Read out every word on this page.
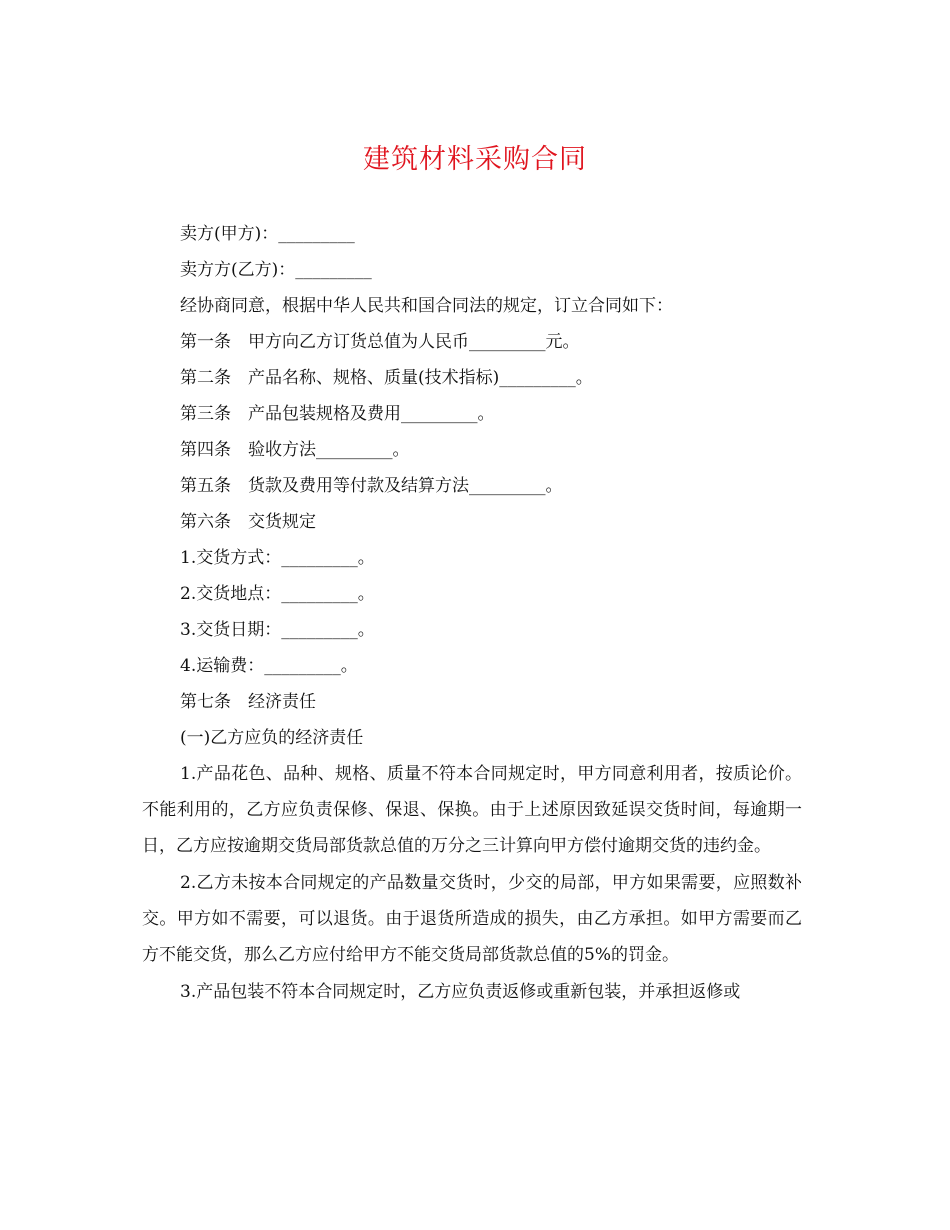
建筑材料采购合同
卖方(甲方)：_________
卖方方(乙方)：_________
经协商同意，根据中华人民共和国合同法的规定，订立合同如下：
第一条　甲方向乙方订货总值为人民币_________元。
第二条　产品名称、规格、质量(技术指标)_________。
第三条　产品包装规格及费用_________。
第四条　验收方法_________。
第五条　货款及费用等付款及结算方法_________。
第六条　交货规定
1.交货方式：_________。
2.交货地点：_________。
3.交货日期：_________。
4.运输费：_________。
第七条　经济责任
(一)乙方应负的经济责任
1.产品花色、品种、规格、质量不符本合同规定时，甲方同意利用者，按质论价。不能利用的，乙方应负责保修、保退、保换。由于上述原因致延误交货时间，每逾期一日，乙方应按逾期交货局部货款总值的万分之三计算向甲方偿付逾期交货的违约金。
2.乙方未按本合同规定的产品数量交货时，少交的局部，甲方如果需要，应照数补交。甲方如不需要，可以退货。由于退货所造成的损失，由乙方承担。如甲方需要而乙方不能交货，那么乙方应付给甲方不能交货局部货款总值的5%的罚金。
3.产品包装不符本合同规定时，乙方应负责返修或重新包装，并承担返修或
